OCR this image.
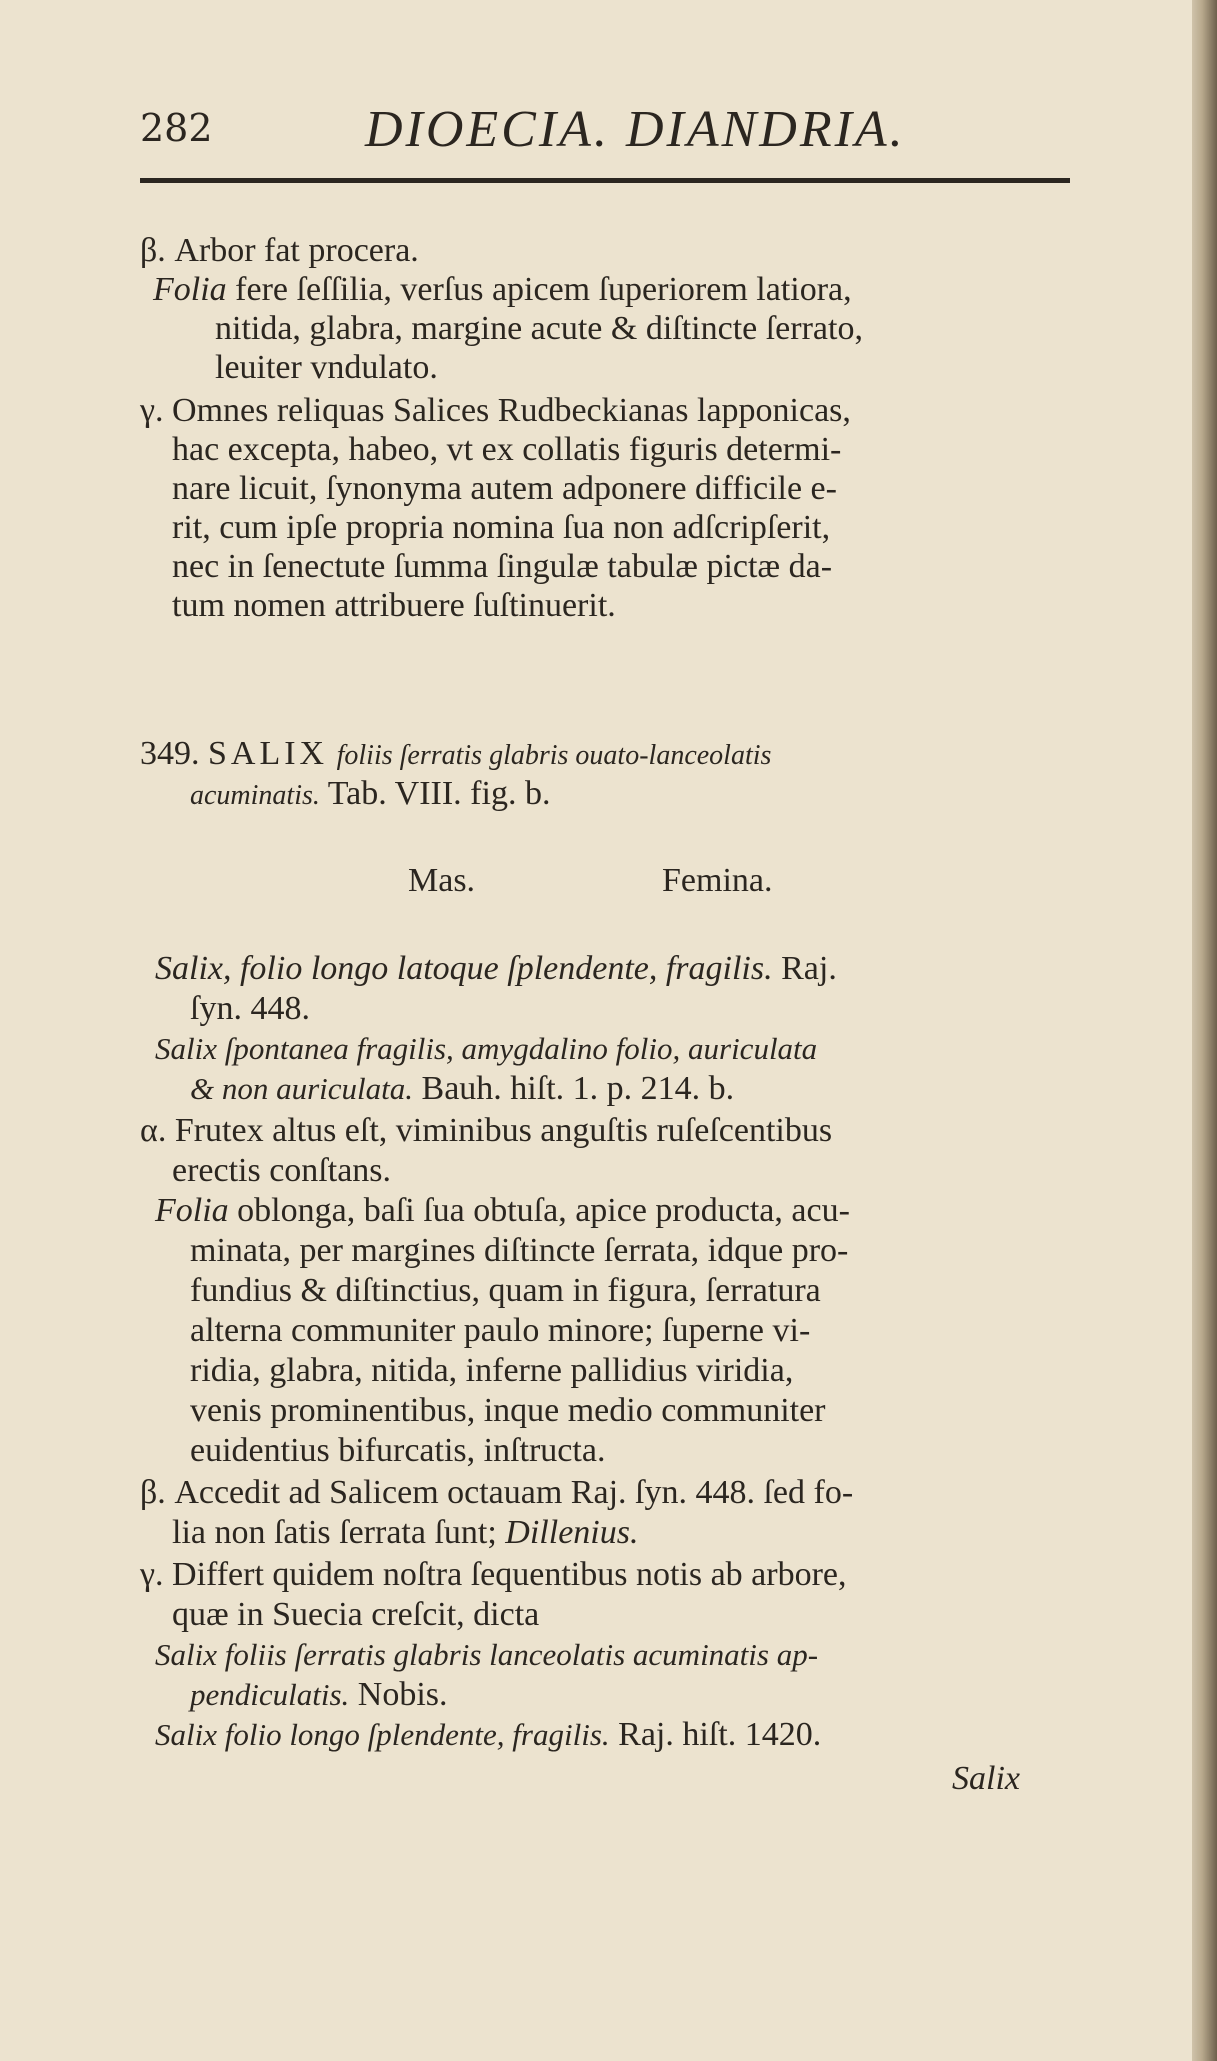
282	DIOECIA. DIANDRIA.
β. Arbor fat procera.
Folia fere ſeſſilia, verſus apicem ſuperiorem latiora,
nitida, glabra, margine acute & diſtincte ſerrato,
leuiter vndulato.
γ. Omnes reliquas Salices Rudbeckianas lapponicas,
hac excepta, habeo, vt ex collatis figuris determi-
nare licuit, ſynonyma autem adponere difficile e-
rit, cum ipſe propria nomina ſua non adſcripſerit,
nec in ſenectute ſumma ſingulæ tabulæ pictæ da-
tum nomen attribuere ſuſtinuerit.
349. SALIX foliis ſerratis glabris ouato-lanceolatis
acuminatis. Tab. VIII. fig. b.
Mas.	Femina.
Salix, folio longo latoque ſplendente, fragilis. Raj.
ſyn. 448.
Salix ſpontanea fragilis, amygdalino folio, auriculata
& non auriculata. Bauh. hiſt. 1. p. 214. b.
α. Frutex altus eſt, viminibus anguſtis ruſeſcentibus
erectis conſtans.
Folia oblonga, baſi ſua obtuſa, apice producta, acu-
minata, per margines diſtincte ſerrata, idque pro-
fundius & diſtinctius, quam in figura, ſerratura
alterna communiter paulo minore; ſuperne vi-
ridia, glabra, nitida, inferne pallidius viridia,
venis prominentibus, inque medio communiter
euidentius bifurcatis, inſtructa.
β. Accedit ad Salicem octauam Raj. ſyn. 448. ſed fo-
lia non ſatis ſerrata ſunt; Dillenius.
γ. Differt quidem noſtra ſequentibus notis ab arbore,
quæ in Suecia creſcit, dicta
Salix foliis ſerratis glabris lanceolatis acuminatis ap-
pendiculatis. Nobis.
Salix folio longo ſplendente, fragilis. Raj. hiſt. 1420.
Salix
